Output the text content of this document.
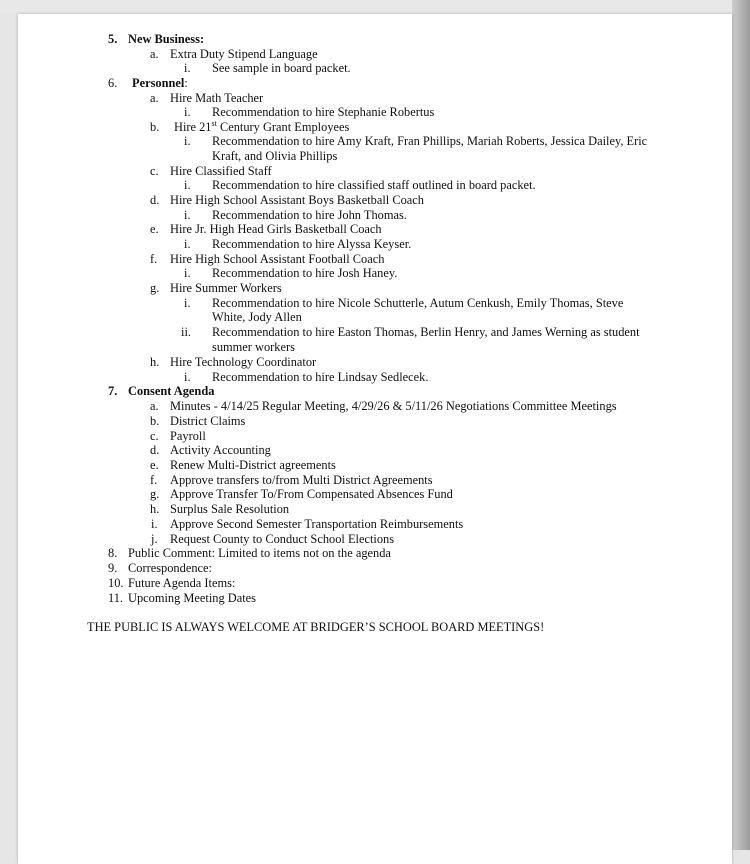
5. New Business:
a. Extra Duty Stipend Language
i. See sample in board packet.
6. Personnel:
a. Hire Math Teacher
i. Recommendation to hire Stephanie Robertus
b. Hire 21st Century Grant Employees
i. Recommendation to hire Amy Kraft, Fran Phillips, Mariah Roberts, Jessica Dailey, Eric
Kraft, and Olivia Phillips
c. Hire Classified Staff
i. Recommendation to hire classified staff outlined in board packet.
d. Hire High School Assistant Boys Basketball Coach
i. Recommendation to hire John Thomas.
e. Hire Jr. High Head Girls Basketball Coach
i. Recommendation to hire Alyssa Keyser.
f. Hire High School Assistant Football Coach
i. Recommendation to hire Josh Haney.
g. Hire Summer Workers
i. Recommendation to hire Nicole Schutterle, Autum Cenkush, Emily Thomas, Steve
White, Jody Allen
ii. Recommendation to hire Easton Thomas, Berlin Henry, and James Werning as student
summer workers
h. Hire Technology Coordinator
i. Recommendation to hire Lindsay Sedlecek.
7. Consent Agenda
a. Minutes - 4/14/25 Regular Meeting, 4/29/26 & 5/11/26 Negotiations Committee Meetings
b. District Claims
c. Payroll
d. Activity Accounting
e. Renew Multi-District agreements
f. Approve transfers to/from Multi District Agreements
g. Approve Transfer To/From Compensated Absences Fund
h. Surplus Sale Resolution
i. Approve Second Semester Transportation Reimbursements
j. Request County to Conduct School Elections
8. Public Comment: Limited to items not on the agenda
9. Correspondence:
10. Future Agenda Items:
11. Upcoming Meeting Dates
THE PUBLIC IS ALWAYS WELCOME AT BRIDGER’S SCHOOL BOARD MEETINGS!
